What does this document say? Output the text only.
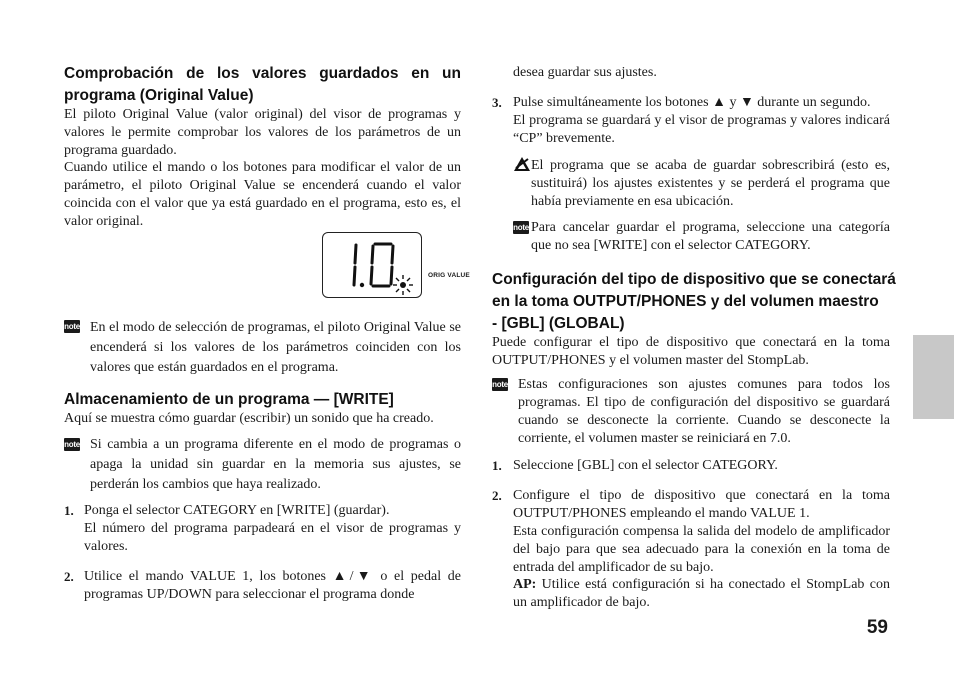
Comprobación de los valores guardados en un
programa (Original Value)

El piloto Original Value (valor original) del visor de programas y valores le permite comprobar los valores de los parámetros de un programa guardado.

Cuando utilice el mando o los botones para modificar el valor de un parámetro, el piloto Original Value se encenderá cuando el valor coincida con el valor que ya está guardado en el programa, esto es, el valor original.

ORIG VALUE
note En el modo de selección de programas, el piloto Original Value se encenderá si los valores de los parámetros coinciden con los valores que están guardados en el programa.

Almacenamiento de un programa — [WRITE]

Aquí se muestra cómo guardar (escribir) un sonido que ha creado.

note Si cambia a un programa diferente en el modo de programas o apaga la unidad sin guardar en la memoria sus ajustes, se perderán los cambios que haya realizado.

1. Ponga el selector CATEGORY en [WRITE] (guardar).

El número del programa parpadeará en el visor de programas y valores.

2. Utilice el mando VALUE 1, los botones ▲/▼ o el pedal de programas UP/DOWN para seleccionar el programa donde

desea guardar sus ajustes.

3. Pulse simultáneamente los botones ▲ y ▼ durante un segundo.

El programa se guardará y el visor de programas y valores indicará “CP” brevemente.

El programa que se acaba de guardar sobrescribirá (esto es, sustituirá) los ajustes existentes y se perderá el programa que había previamente en esa ubicación.

note Para cancelar guardar el programa, seleccione una categoría que no sea [WRITE] con el selector CATEGORY.

Configuración del tipo de dispositivo que se conectará
en la toma OUTPUT/PHONES y del volumen maestro
- [GBL] (GLOBAL)

Puede configurar el tipo de dispositivo que conectará en la toma OUTPUT/PHONES y el volumen master del StompLab.

note Estas configuraciones son ajustes comunes para todos los programas. El tipo de configuración del dispositivo se guardará cuando se desconecte la corriente. Cuando se desconecte la corriente, el volumen master se reiniciará en 7.0.

1. Seleccione [GBL] con el selector CATEGORY.

2. Configure el tipo de dispositivo que conectará en la toma OUTPUT/PHONES empleando el mando VALUE 1.

Esta configuración compensa la salida del modelo de amplificador del bajo para que sea adecuado para la conexión en la toma de entrada del amplificador de su bajo.

AP: Utilice está configuración si ha conectado el StompLab con un amplificador de bajo.

59
